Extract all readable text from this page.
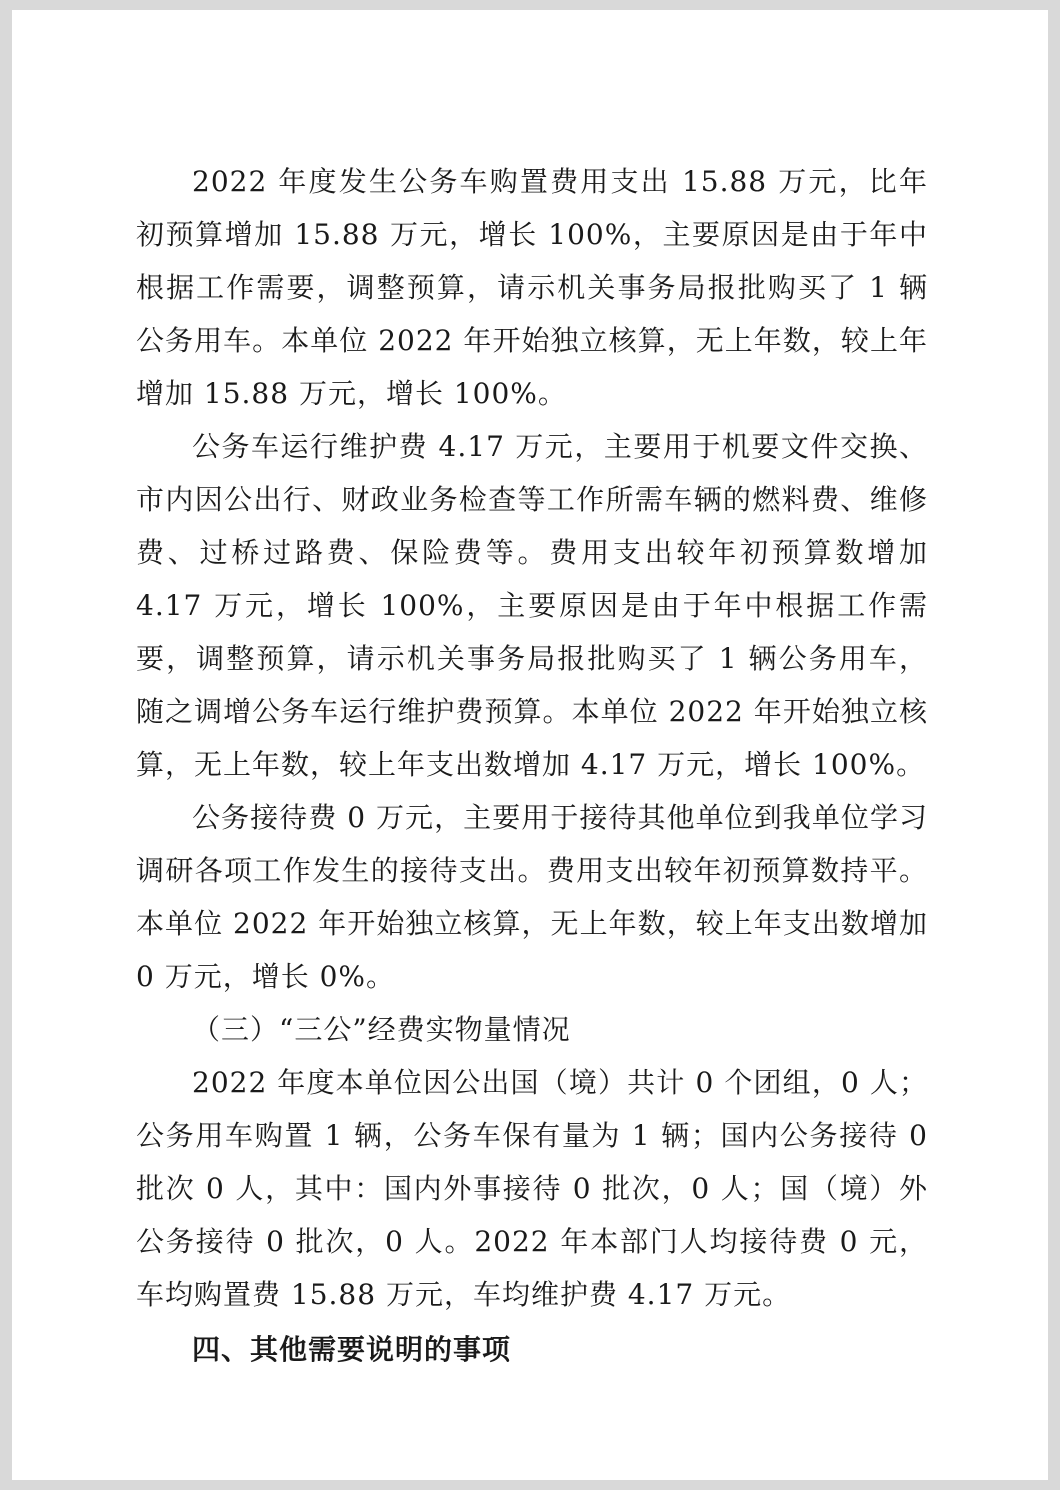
2022 年度发生公务车购置费用支出 15.88 万元，比年初预算增加 15.88 万元，增长 100%，主要原因是由于年中根据工作需要，调整预算，请示机关事务局报批购买了 1 辆公务用车。本单位 2022 年开始独立核算，无上年数，较上年增加 15.88 万元，增长 100%。

公务车运行维护费 4.17 万元，主要用于机要文件交换、市内因公出行、财政业务检查等工作所需车辆的燃料费、维修费、过桥过路费、保险费等。费用支出较年初预算数增加 4.17 万元，增长 100%，主要原因是由于年中根据工作需要，调整预算，请示机关事务局报批购买了 1 辆公务用车，随之调增公务车运行维护费预算。本单位 2022 年开始独立核算，无上年数，较上年支出数增加 4.17 万元，增长 100%。

公务接待费 0 万元，主要用于接待其他单位到我单位学习调研各项工作发生的接待支出。费用支出较年初预算数持平。本单位 2022 年开始独立核算，无上年数，较上年支出数增加 0 万元，增长 0%。

（三）“三公”经费实物量情况

2022 年度本单位因公出国（境）共计 0 个团组，0 人；公务用车购置 1 辆，公务车保有量为 1 辆；国内公务接待 0 批次 0 人，其中：国内外事接待 0 批次，0 人；国（境）外公务接待 0 批次，0 人。2022 年本部门人均接待费 0 元，车均购置费 15.88 万元，车均维护费 4.17 万元。

四、其他需要说明的事项
